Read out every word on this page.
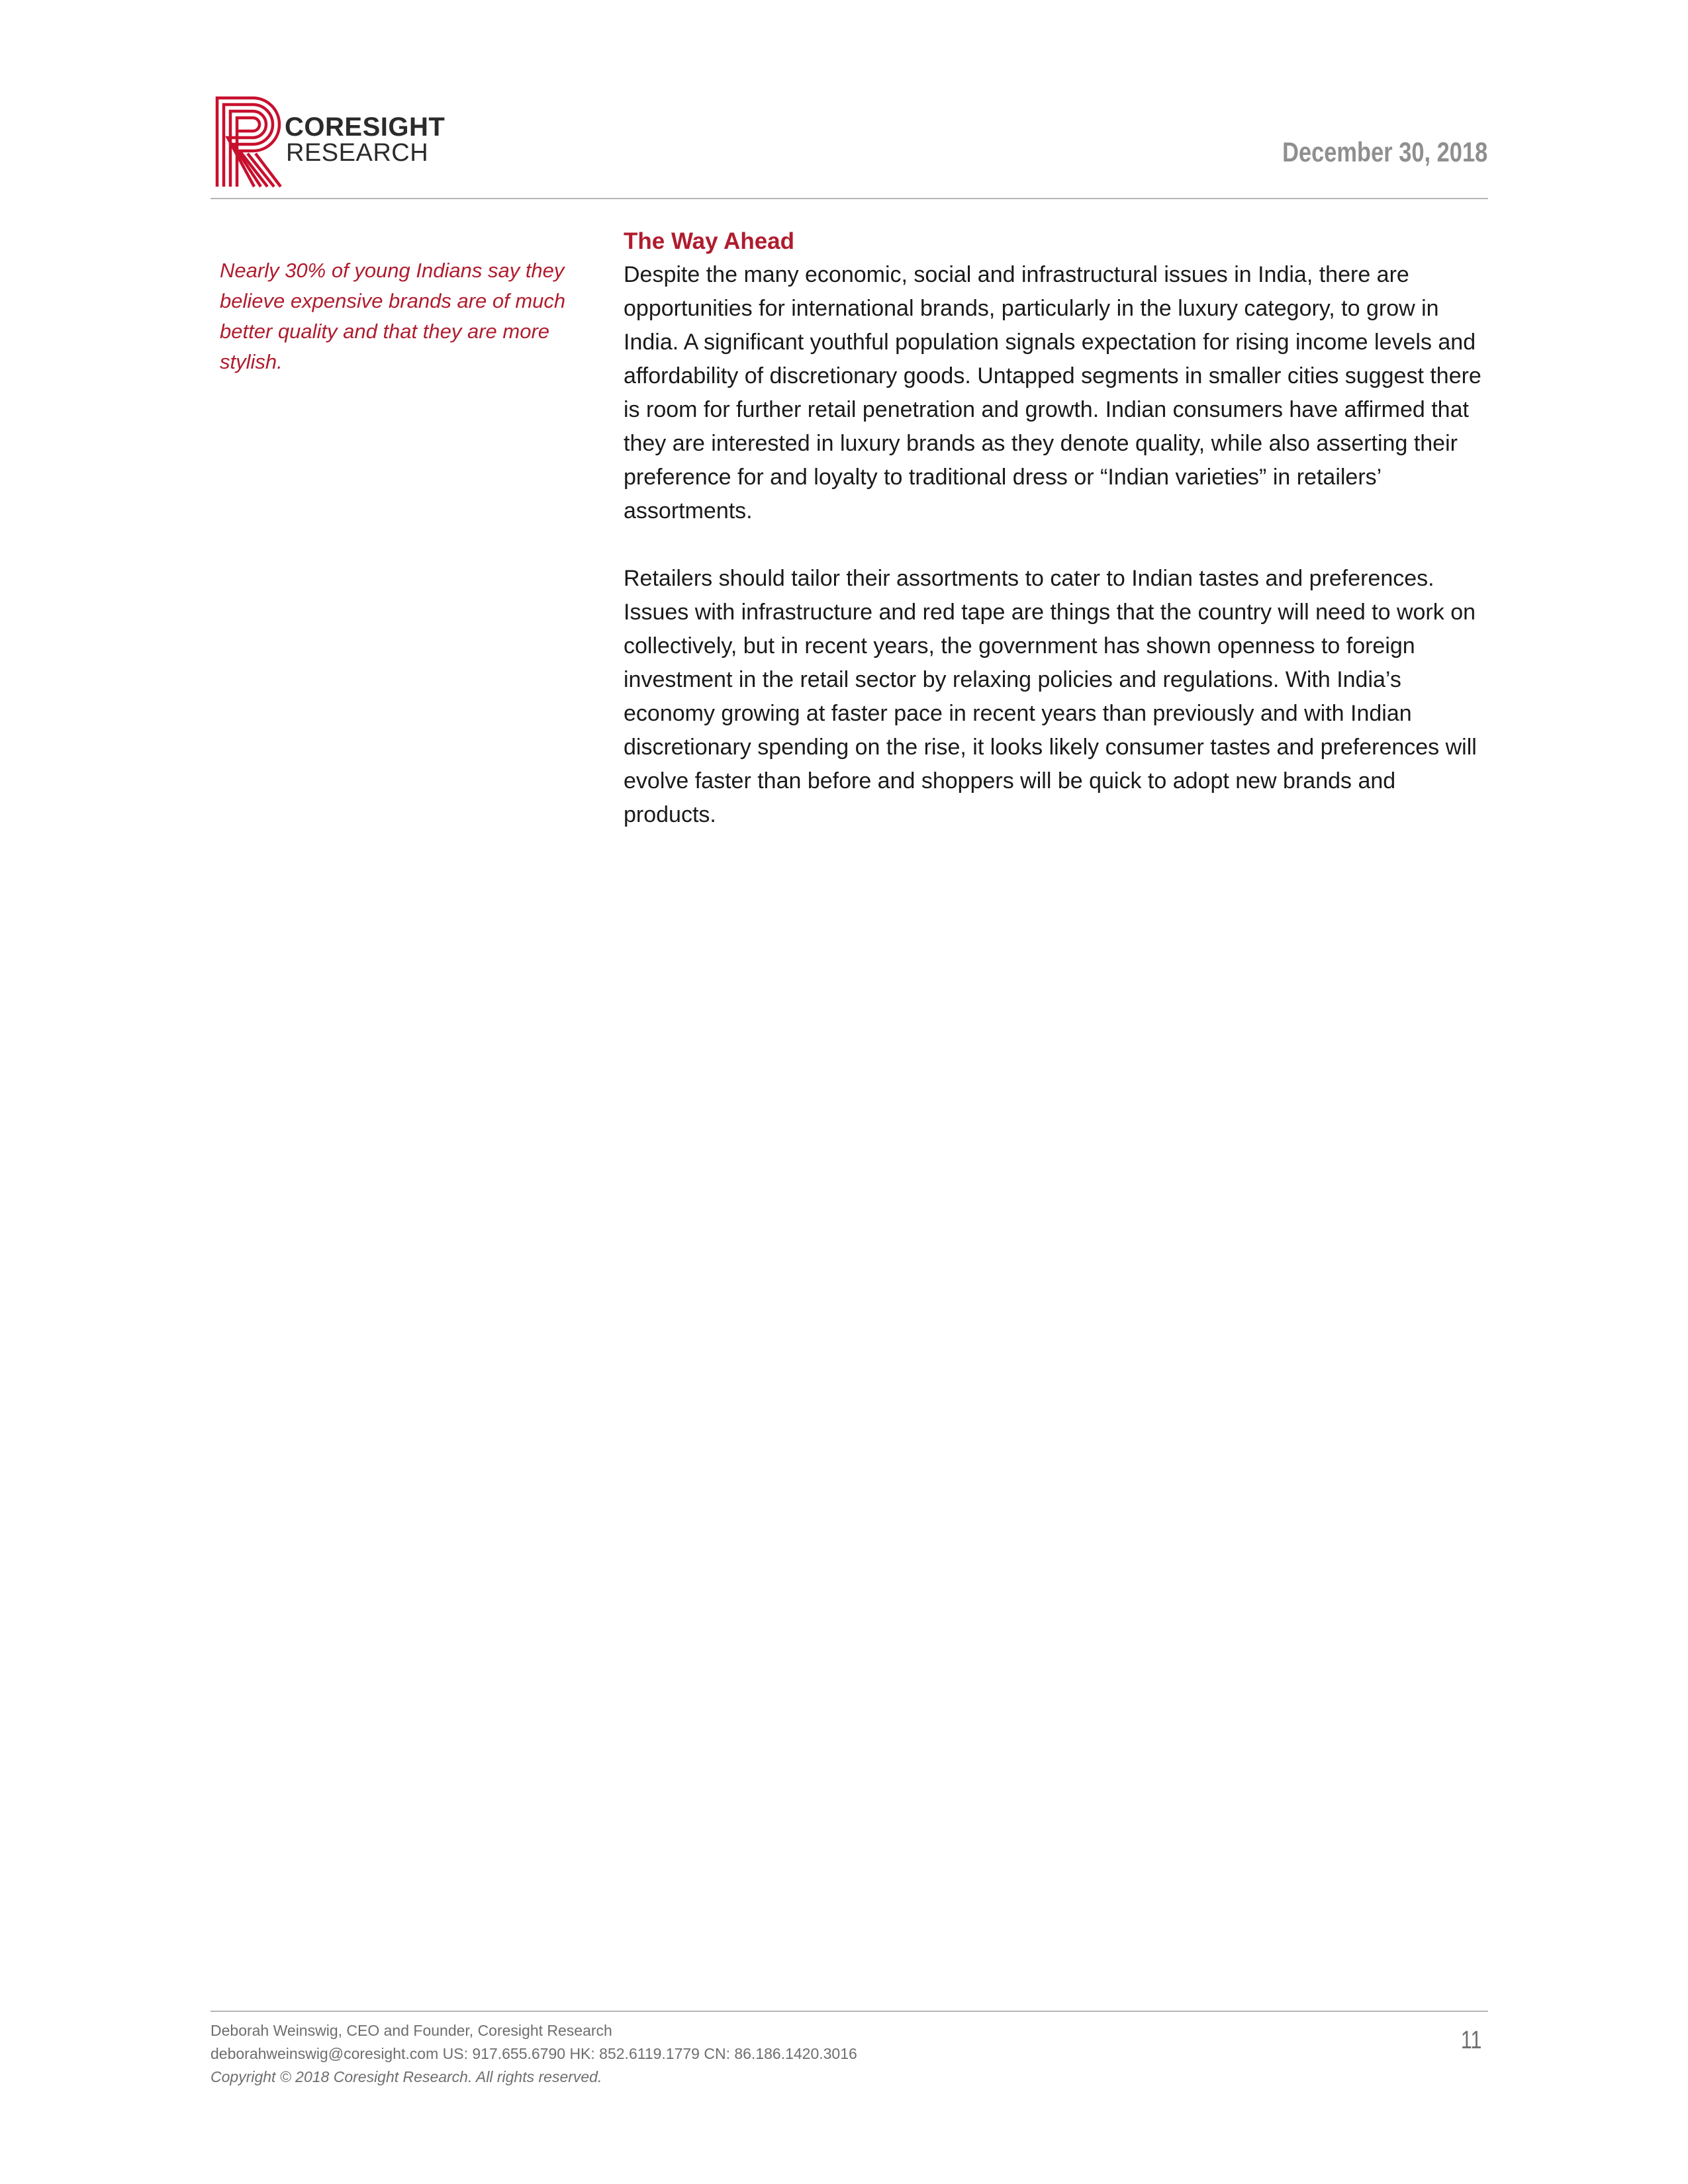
CORESIGHT
RESEARCH	December 30, 2018
Nearly 30% of young Indians say they believe expensive brands are of much better quality and that they are more stylish.
The Way Ahead

Despite the many economic, social and infrastructural issues in India, there are opportunities for international brands, particularly in the luxury category, to grow in India. A significant youthful population signals expectation for rising income levels and affordability of discretionary goods. Untapped segments in smaller cities suggest there is room for further retail penetration and growth. Indian consumers have affirmed that they are interested in luxury brands as they denote quality, while also asserting their preference for and loyalty to traditional dress or “Indian varieties” in retailers’ assortments.

Retailers should tailor their assortments to cater to Indian tastes and preferences. Issues with infrastructure and red tape are things that the country will need to work on collectively, but in recent years, the government has shown openness to foreign investment in the retail sector by relaxing policies and regulations. With India’s economy growing at faster pace in recent years than previously and with Indian discretionary spending on the rise, it looks likely consumer tastes and preferences will evolve faster than before and shoppers will be quick to adopt new brands and products.

Deborah Weinswig, CEO and Founder, Coresight Research
deborahweinswig@coresight.com US: 917.655.6790 HK: 852.6119.1779 CN: 86.186.1420.3016
Copyright © 2018 Coresight Research. All rights reserved.
11
